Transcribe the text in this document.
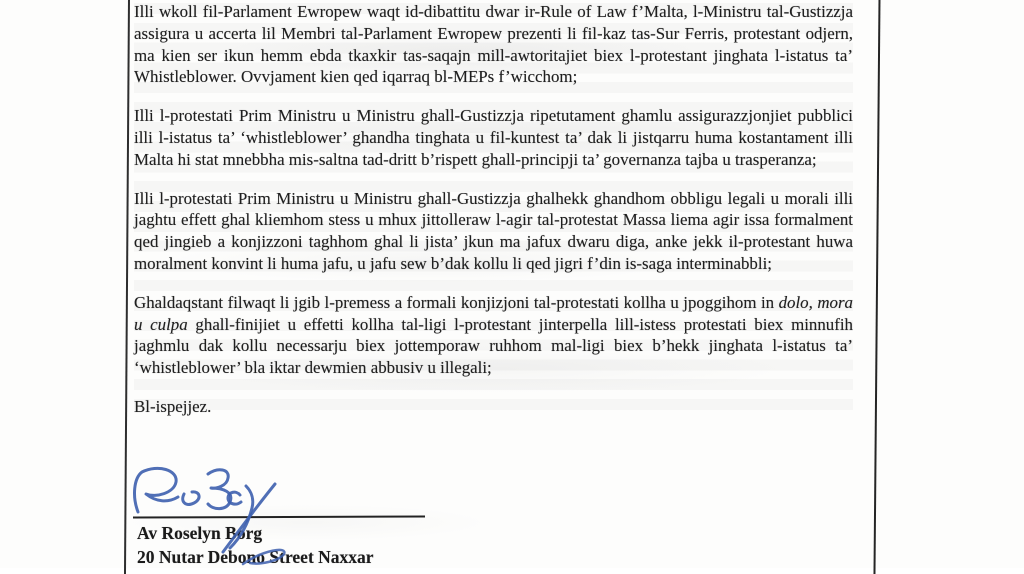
Illi wkoll fil-Parlament Ewropew waqt id-dibattitu dwar ir-Rule of Law f’Malta, l-Ministru tal-Gustizzja assigura u accerta lil Membri tal-Parlament Ewropew prezenti li fil-kaz tas-Sur Ferris, protestant odjern, ma kien ser ikun hemm ebda tkaxkir tas-saqajn mill-awtoritajiet biex l-protestant jinghata l-istatus ta’ Whistleblower. Ovvjament kien qed iqarraq bl-MEPs f’wicchom;

Illi l-protestati Prim Ministru u Ministru ghall-Gustizzja ripetutament ghamlu assigurazzjonjiet pubblici illi l-istatus ta’ ‘whistleblower’ ghandha tinghata u fil-kuntest ta’ dak li jistqarru huma kostantament illi Malta hi stat mnebbha mis-saltna tad-dritt b’rispett ghall-principji ta’ governanza tajba u trasperanza;

Illi l-protestati Prim Ministru u Ministru ghall-Gustizzja ghalhekk ghandhom obbligu legali u morali illi jaghtu effett ghal kliemhom stess u mhux jittolleraw l-agir tal-protestat Massa liema agir issa formalment qed jingieb a konjizzoni taghhom ghal li jista’ jkun ma jafux dwaru diga, anke jekk il-protestant huwa moralment konvint li huma jafu, u jafu sew b’dak kollu li qed jigri f’din is-saga interminabbli;

Ghaldaqstant filwaqt li jgib l-premess a formali konjizjoni tal-protestati kollha u jpoggihom in dolo, mora u culpa ghall-finijiet u effetti kollha tal-ligi l-protestant jinterpella lill-istess protestati biex minnufih jaghmlu dak kollu necessarju biex jottemporaw ruhhom mal-ligi biex b’hekk jinghata l-istatus ta’ ‘whistleblower’ bla iktar dewmien abbusiv u illegali;

Bl-ispejjez.

Av Roselyn Borg
20 Nutar Debono Street Naxxar
